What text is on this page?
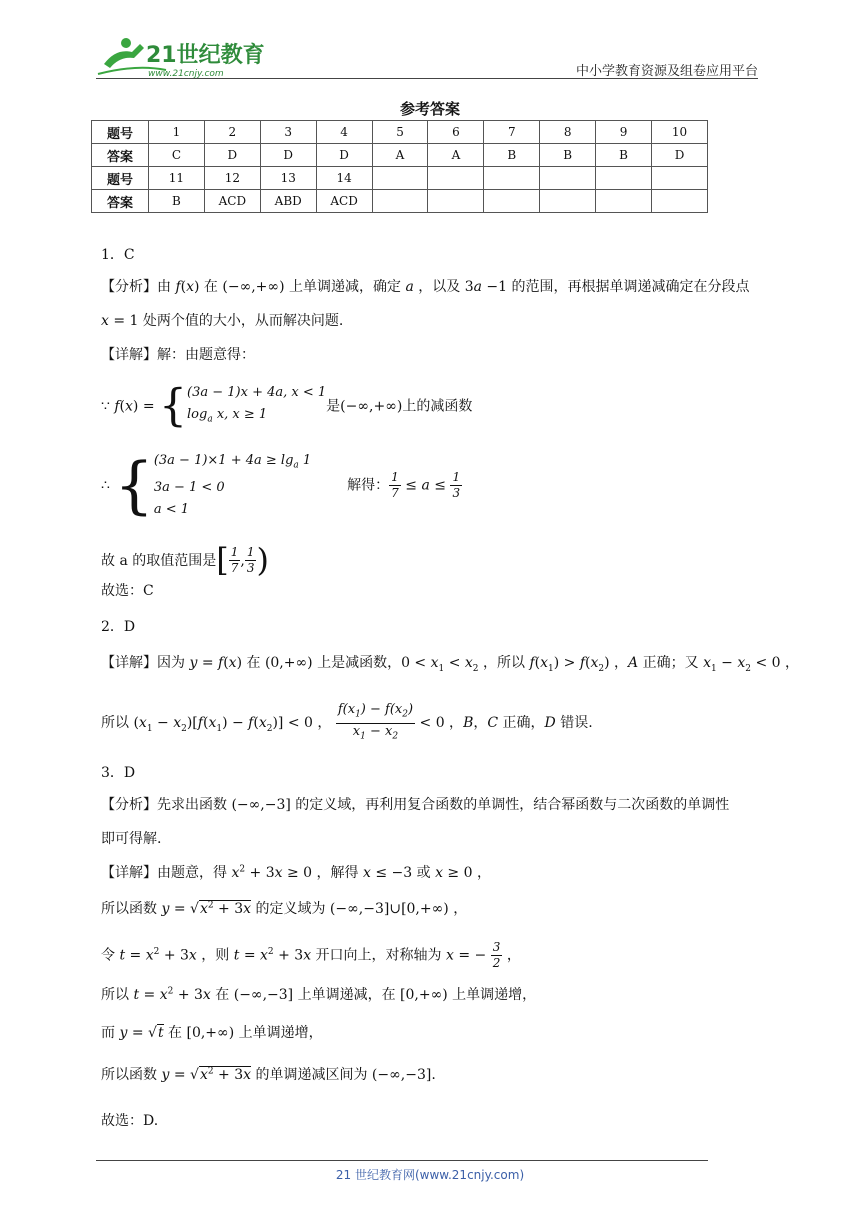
21世纪教育
www.21cnjy.com	中小学教育资源及组卷应用平台
参考答案
题号	1	2	3	4	5	6	7	8	9	10
答案	C	D	D	D	A	A	B	B	B	D
题号	11	12	13	14						
答案	B	ACD	ABD	ACD						
1．C
【分析】由 f(x) 在 (−∞,+∞) 上单调递减，确定 a ，以及 3a −1 的范围，再根据单调递减确定在分段点
x = 1 处两个值的大小，从而解决问题.
【详解】解：由题意得：
∵ f(x) = {(3a − 1)x + 4a, x < 1
$\log_a x$, x ≥ 1是(−∞,+∞)上的减函数
∴ {$(3a - 1)\times 1 + 4a \ge \lg_a 1$
3a − 1 < 0
a < 1解得： $\frac{1}{7} \le a \le \frac{1}{3}$
故 a 的取值范围是[ $\frac{1}{7}$ , $\frac{1}{3}$ )
故选：C
2．D
【详解】因为 y = f(x) 在 (0,+∞) 上是减函数，$0 < x_1 < x_2$ ，所以 $f(x_1) > f(x_2)$ ，A 正确；又 $x_1 - x_2 < 0$ ，
所以 $(x_1 - x_2)[f(x_1) - f(x_2)] < 0$ ， $\frac{f(x_1) - f(x_2)}{x_1 - x_2} < 0$ ，B，C 正确，D 错误.
3．D
【分析】先求出函数 (−∞,−3] 的定义域，再利用复合函数的单调性，结合幂函数与二次函数的单调性
即可得解.
【详解】由题意，得 $x^2 + 3x \ge 0$ ，解得 x ≤ −3 或 x ≥ 0 ，
所以函数 $y = √x^2 + 3x$ 的定义域为 (−∞,−3]∪[0,+∞) ，
令 $t = x^2 + 3x$ ，则 $t = x^2 + 3x$ 开口向上，对称轴为 x = − $\frac{3}{2}$ ，
所以 $t = x^2 + 3x$ 在 (−∞,−3] 上单调递减，在 [0,+∞) 上单调递增，
而 y = √t 在 [0,+∞) 上单调递增，
所以函数 $y = √x^2 + 3x$ 的单调递减区间为 (−∞,−3].
故选：D.
21 世纪教育网(www.21cnjy.com)
